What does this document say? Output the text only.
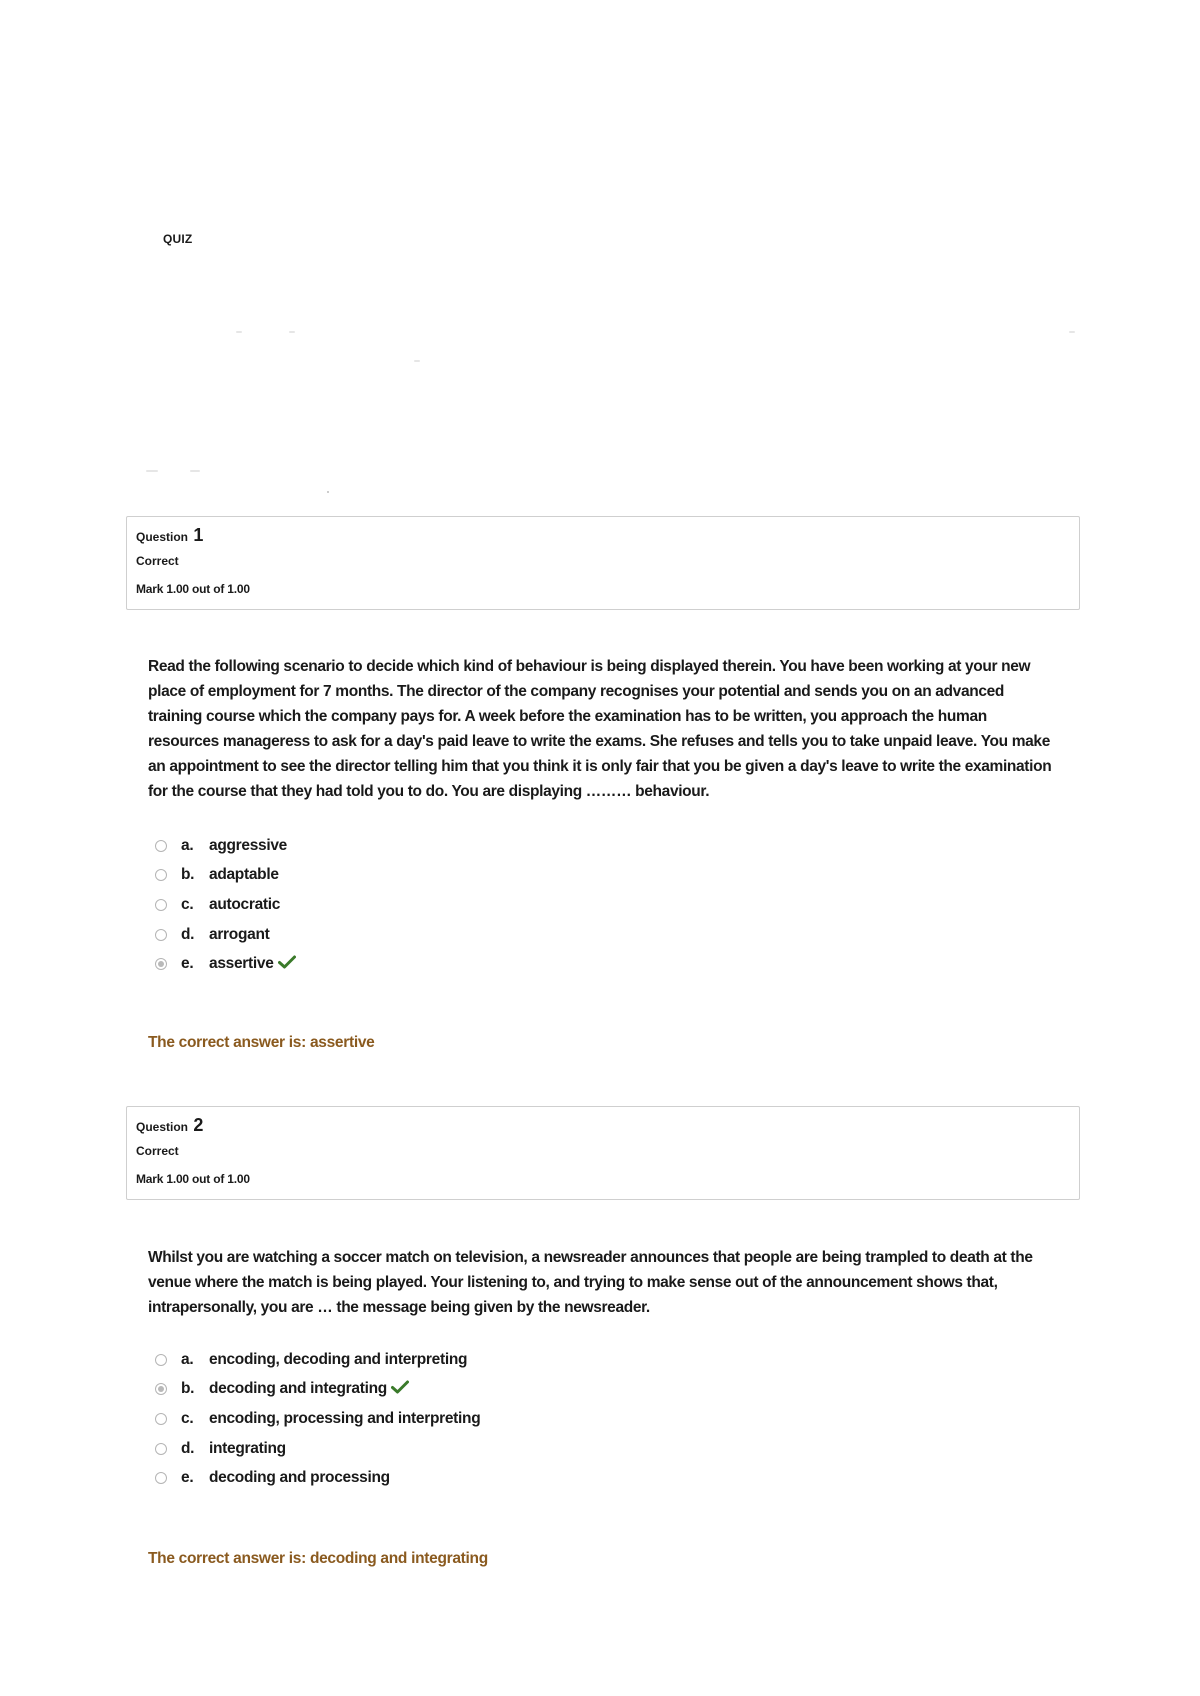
QUIZ
Question 1
Correct
Mark 1.00 out of 1.00
Read the following scenario to decide which kind of behaviour is being displayed therein. You have been working at your new place of employment for 7 months. The director of the company recognises your potential and sends you on an advanced training course which the company pays for. A week before the examination has to be written, you approach the human resources manageress to ask for a day's paid leave to write the exams. She refuses and tells you to take unpaid leave. You make an appointment to see the director telling him that you think it is only fair that you be given a day's leave to write the examination for the course that they had told you to do. You are displaying ……… behaviour.
a.	aggressive
b. adaptable
c.	autocratic
d. arrogant
e.	assertive
The correct answer is: assertive
Question 2
Correct
Mark 1.00 out of 1.00
Whilst you are watching a soccer match on television, a newsreader announces that people are being trampled to death at the venue where the match is being played. Your listening to, and trying to make sense out of the announcement shows that, intrapersonally, you are … the message being given by the newsreader.
a.	encoding, decoding and interpreting
b. decoding and integrating
c.	encoding, processing and interpreting
d. integrating
e.	decoding and processing
The correct answer is: decoding and integrating
